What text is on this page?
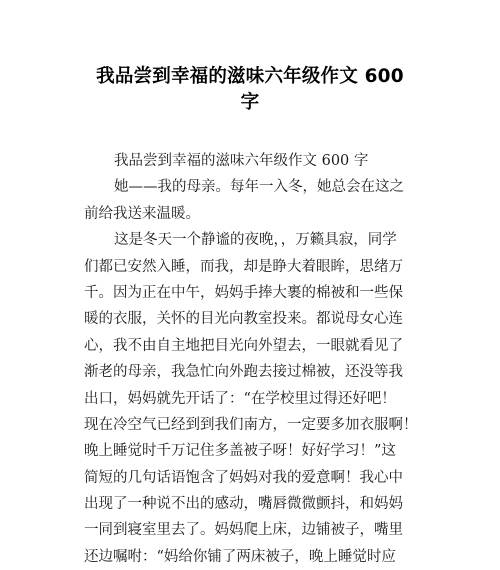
我品尝到幸福的滋味六年级作文 600
字
我品尝到幸福的滋味六年级作文 600 字
她——我的母亲。每年一入冬，她总会在这之
前给我送来温暖。
这是冬天一个静谧的夜晚，，万籁具寂，同学
们都已安然入睡，而我，却是睁大着眼眸，思绪万
千。因为正在中午，妈妈手捧大裹的棉被和一些保
暖的衣服，关怀的目光向教室投来。都说母女心连
心，我不由自主地把目光向外望去，一眼就看见了
渐老的母亲，我急忙向外跑去接过棉被，还没等我
出口，妈妈就先开话了：“在学校里过得还好吧！
现在冷空气已经到到我们南方，一定要多加衣服啊！
晚上睡觉时千万记住多盖被子呀！好好学习！”这
简短的几句话语饱含了妈妈对我的爱意啊！我心中
出现了一种说不出的感动，嘴唇微微颤抖，和妈妈
一同到寝室里去了。妈妈爬上床，边铺被子，嘴里
还边嘱咐：“妈给你铺了两床被子，晚上睡觉时应
